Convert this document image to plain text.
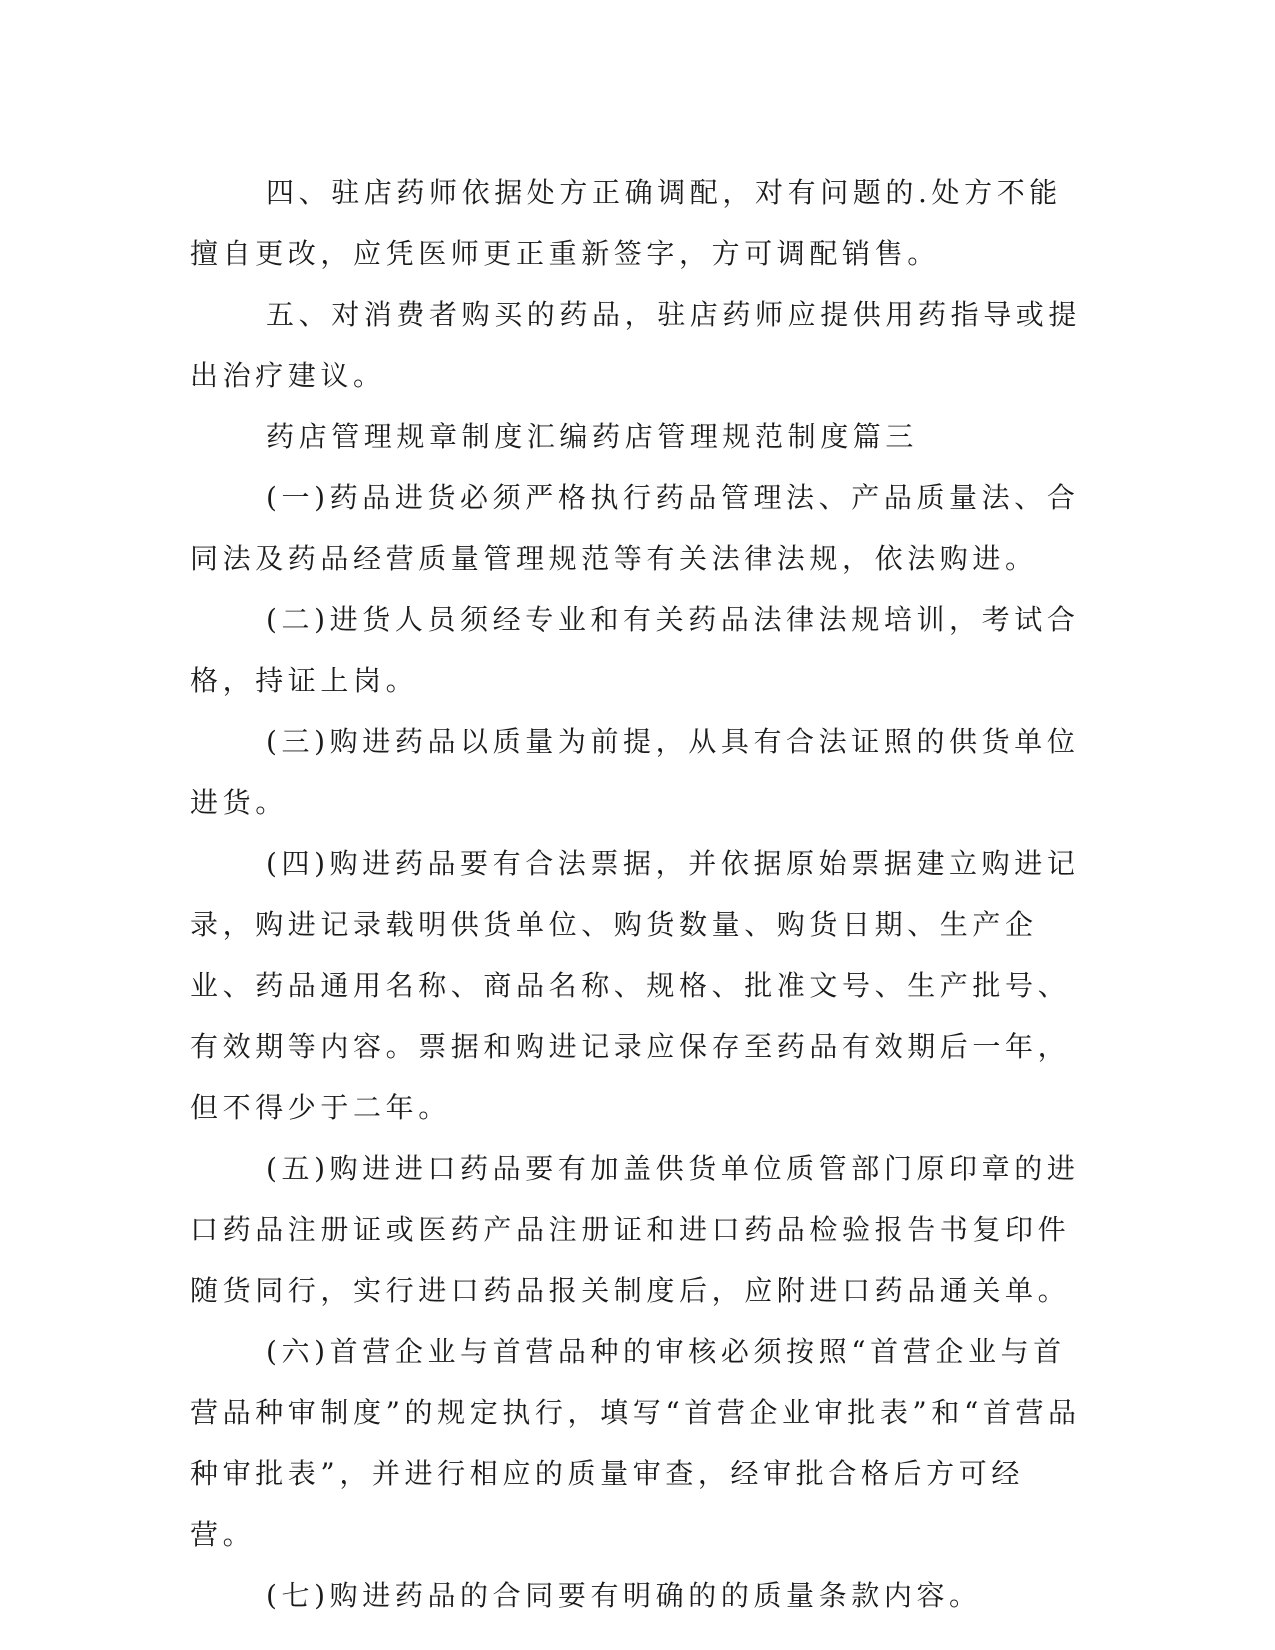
四、驻店药师依据处方正确调配，对有问题的.处方不能擅自更改，应凭医师更正重新签字，方可调配销售。

五、对消费者购买的药品，驻店药师应提供用药指导或提出治疗建议。

药店管理规章制度汇编药店管理规范制度篇三

(一)药品进货必须严格执行药品管理法、产品质量法、合同法及药品经营质量管理规范等有关法律法规，依法购进。

(二)进货人员须经专业和有关药品法律法规培训，考试合格，持证上岗。

(三)购进药品以质量为前提，从具有合法证照的供货单位进货。

(四)购进药品要有合法票据，并依据原始票据建立购进记录，购进记录载明供货单位、购货数量、购货日期、生产企业、药品通用名称、商品名称、规格、批准文号、生产批号、有效期等内容。票据和购进记录应保存至药品有效期后一年，但不得少于二年。

(五)购进进口药品要有加盖供货单位质管部门原印章的进口药品注册证或医药产品注册证和进口药品检验报告书复印件随货同行，实行进口药品报关制度后，应附进口药品通关单。

(六)首营企业与首营品种的审核必须按照“首营企业与首营品种审制度”的规定执行，填写“首营企业审批表”和“首营品种审批表”，并进行相应的质量审查，经审批合格后方可经营。

(七)购进药品的合同要有明确的的质量条款内容。
